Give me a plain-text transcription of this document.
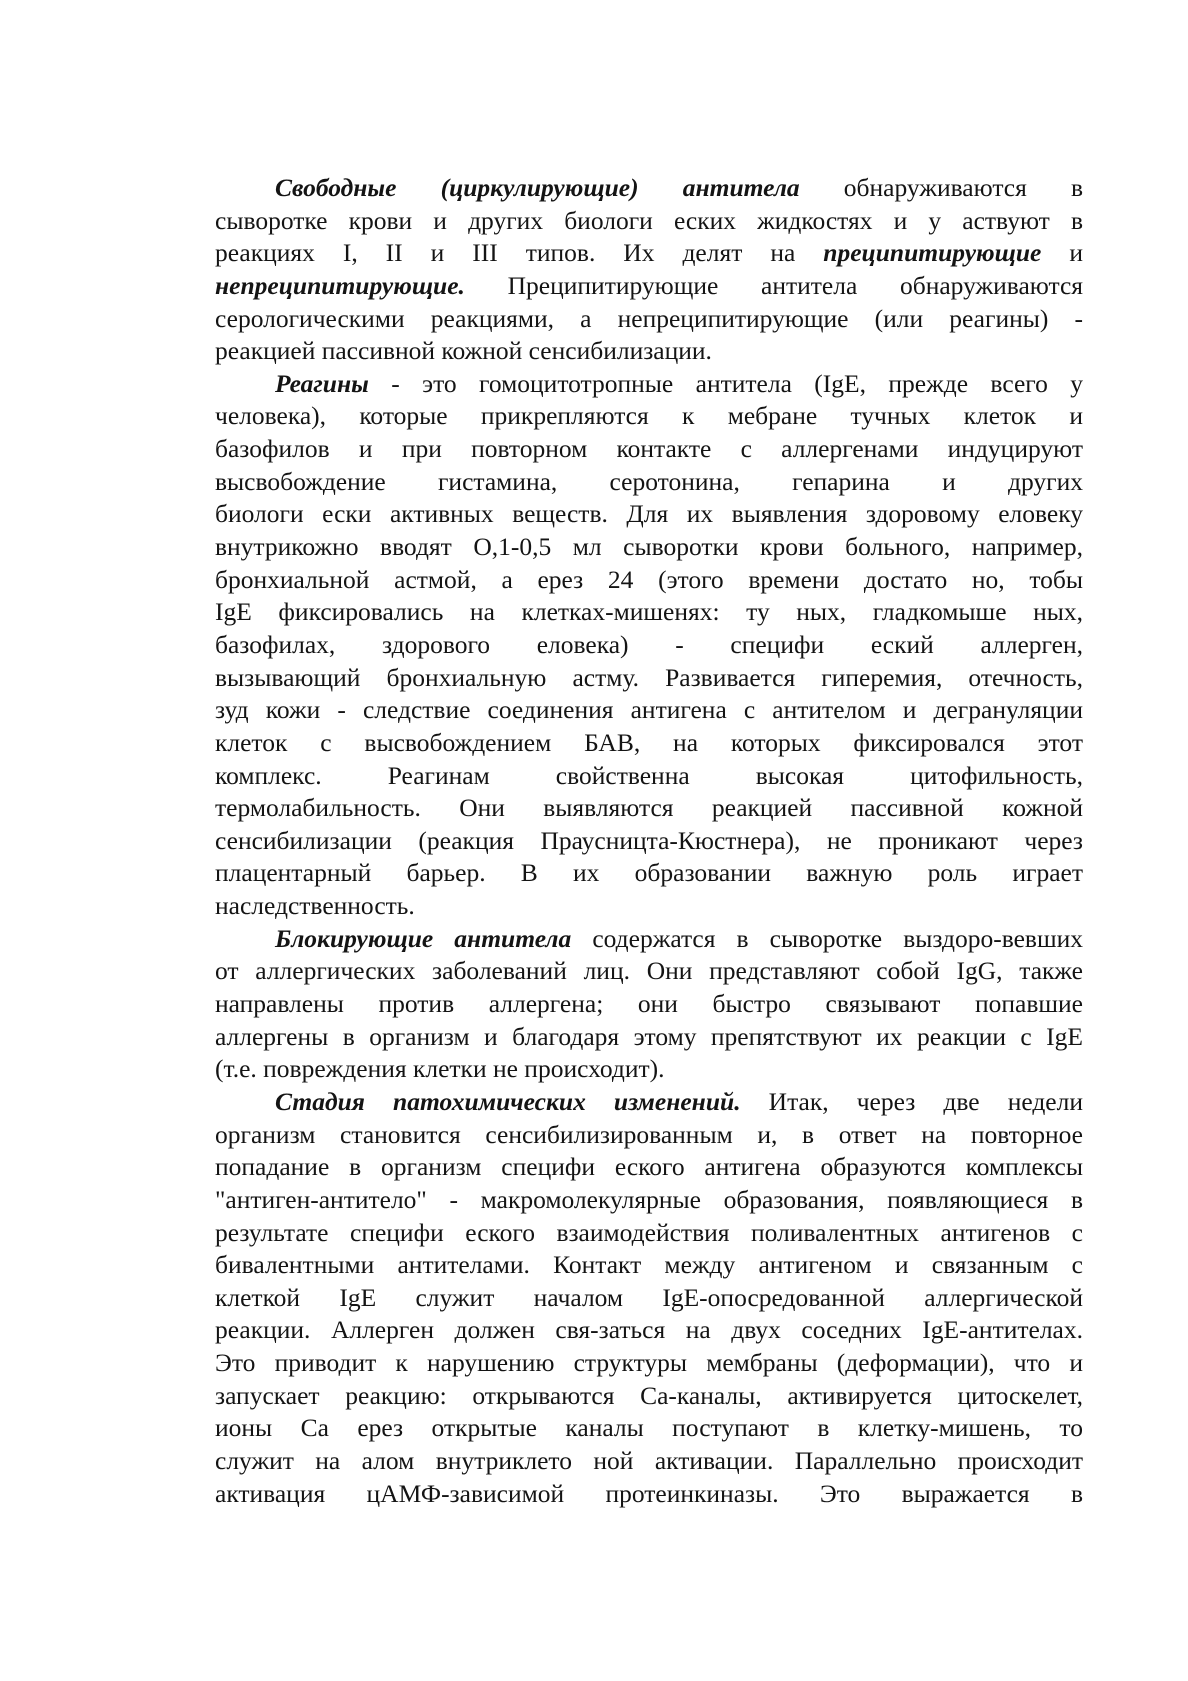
Свободные (циркулирующие) антитела обнаруживаются в
сыворотке крови и других биологи еских жидкостях и у аствуют в
реакциях I, II и III типов. Их делят на преципитирующие и
непреципитирующие. Преципитирующие антитела обнаруживаются
серологическими реакциями, а непреципитирующие (или реагины) -
реакцией пассивной кожной сенсибилизации.
Реагины - это гомоцитотропные антитела (IgE, прежде всего у
человека), которые прикрепляются к мебране тучных клеток и
базофилов и при повторном контакте с аллергенами индуцируют
высвобождение гистамина, серотонина, гепарина и других
биологи ески активных веществ. Для их выявления здоровому еловеку
внутрикожно вводят О,1-0,5 мл сыворотки крови больного, например,
бронхиальной астмой, а ерез 24 (этого времени достато но, тобы
IgE фиксировались на клетках-мишенях: ту ных, гладкомыше ных,
базофилах, здорового еловека) - специфи еский аллерген,
вызывающий бронхиальную астму. Развивается гиперемия, отечность,
зуд кожи - следствие соединения антигена с антителом и дегрануляции
клеток с высвобождением БАВ, на которых фиксировался этот
комплекс. Реагинам свойственна высокая цитофильность,
термолабильность. Они выявляются реакцией пассивной кожной
сенсибилизации (реакция Праусницта-Кюстнера), не проникают через
плацентарный барьер. В их образовании важную роль играет
наследственность.
Блокирующие антитела содержатся в сыворотке выздоро-вевших
от аллергических заболеваний лиц. Они представляют собой IgG, также
направлены против аллергена; они быстро связывают попавшие
аллергены в организм и благодаря этому препятствуют их реакции с IgE
(т.е. повреждения клетки не происходит).
Стадия патохимических изменений. Итак, через две недели
организм становится сенсибилизированным и, в ответ на повторное
попадание в организм специфи еского антигена образуются комплексы
"антиген-антитело" - макромолекулярные образования, появляющиеся в
результате специфи еского взаимодействия поливалентных антигенов с
бивалентными антителами. Контакт между антигеном и связанным с
клеткой IgE служит началом IgE-опосредованной аллергической
реакции. Аллерген должен свя-заться на двух соседних IgE-антителах.
Это приводит к нарушению структуры мембраны (деформации), что и
запускает реакцию: открываются Са-каналы, активируется цитоскелет,
ионы Са ерез открытые каналы поступают в клетку-мишень, то
служит на алом внутриклето ной активации. Параллельно происходит
активация цАМФ-зависимой протеинкиназы. Это выражается в
